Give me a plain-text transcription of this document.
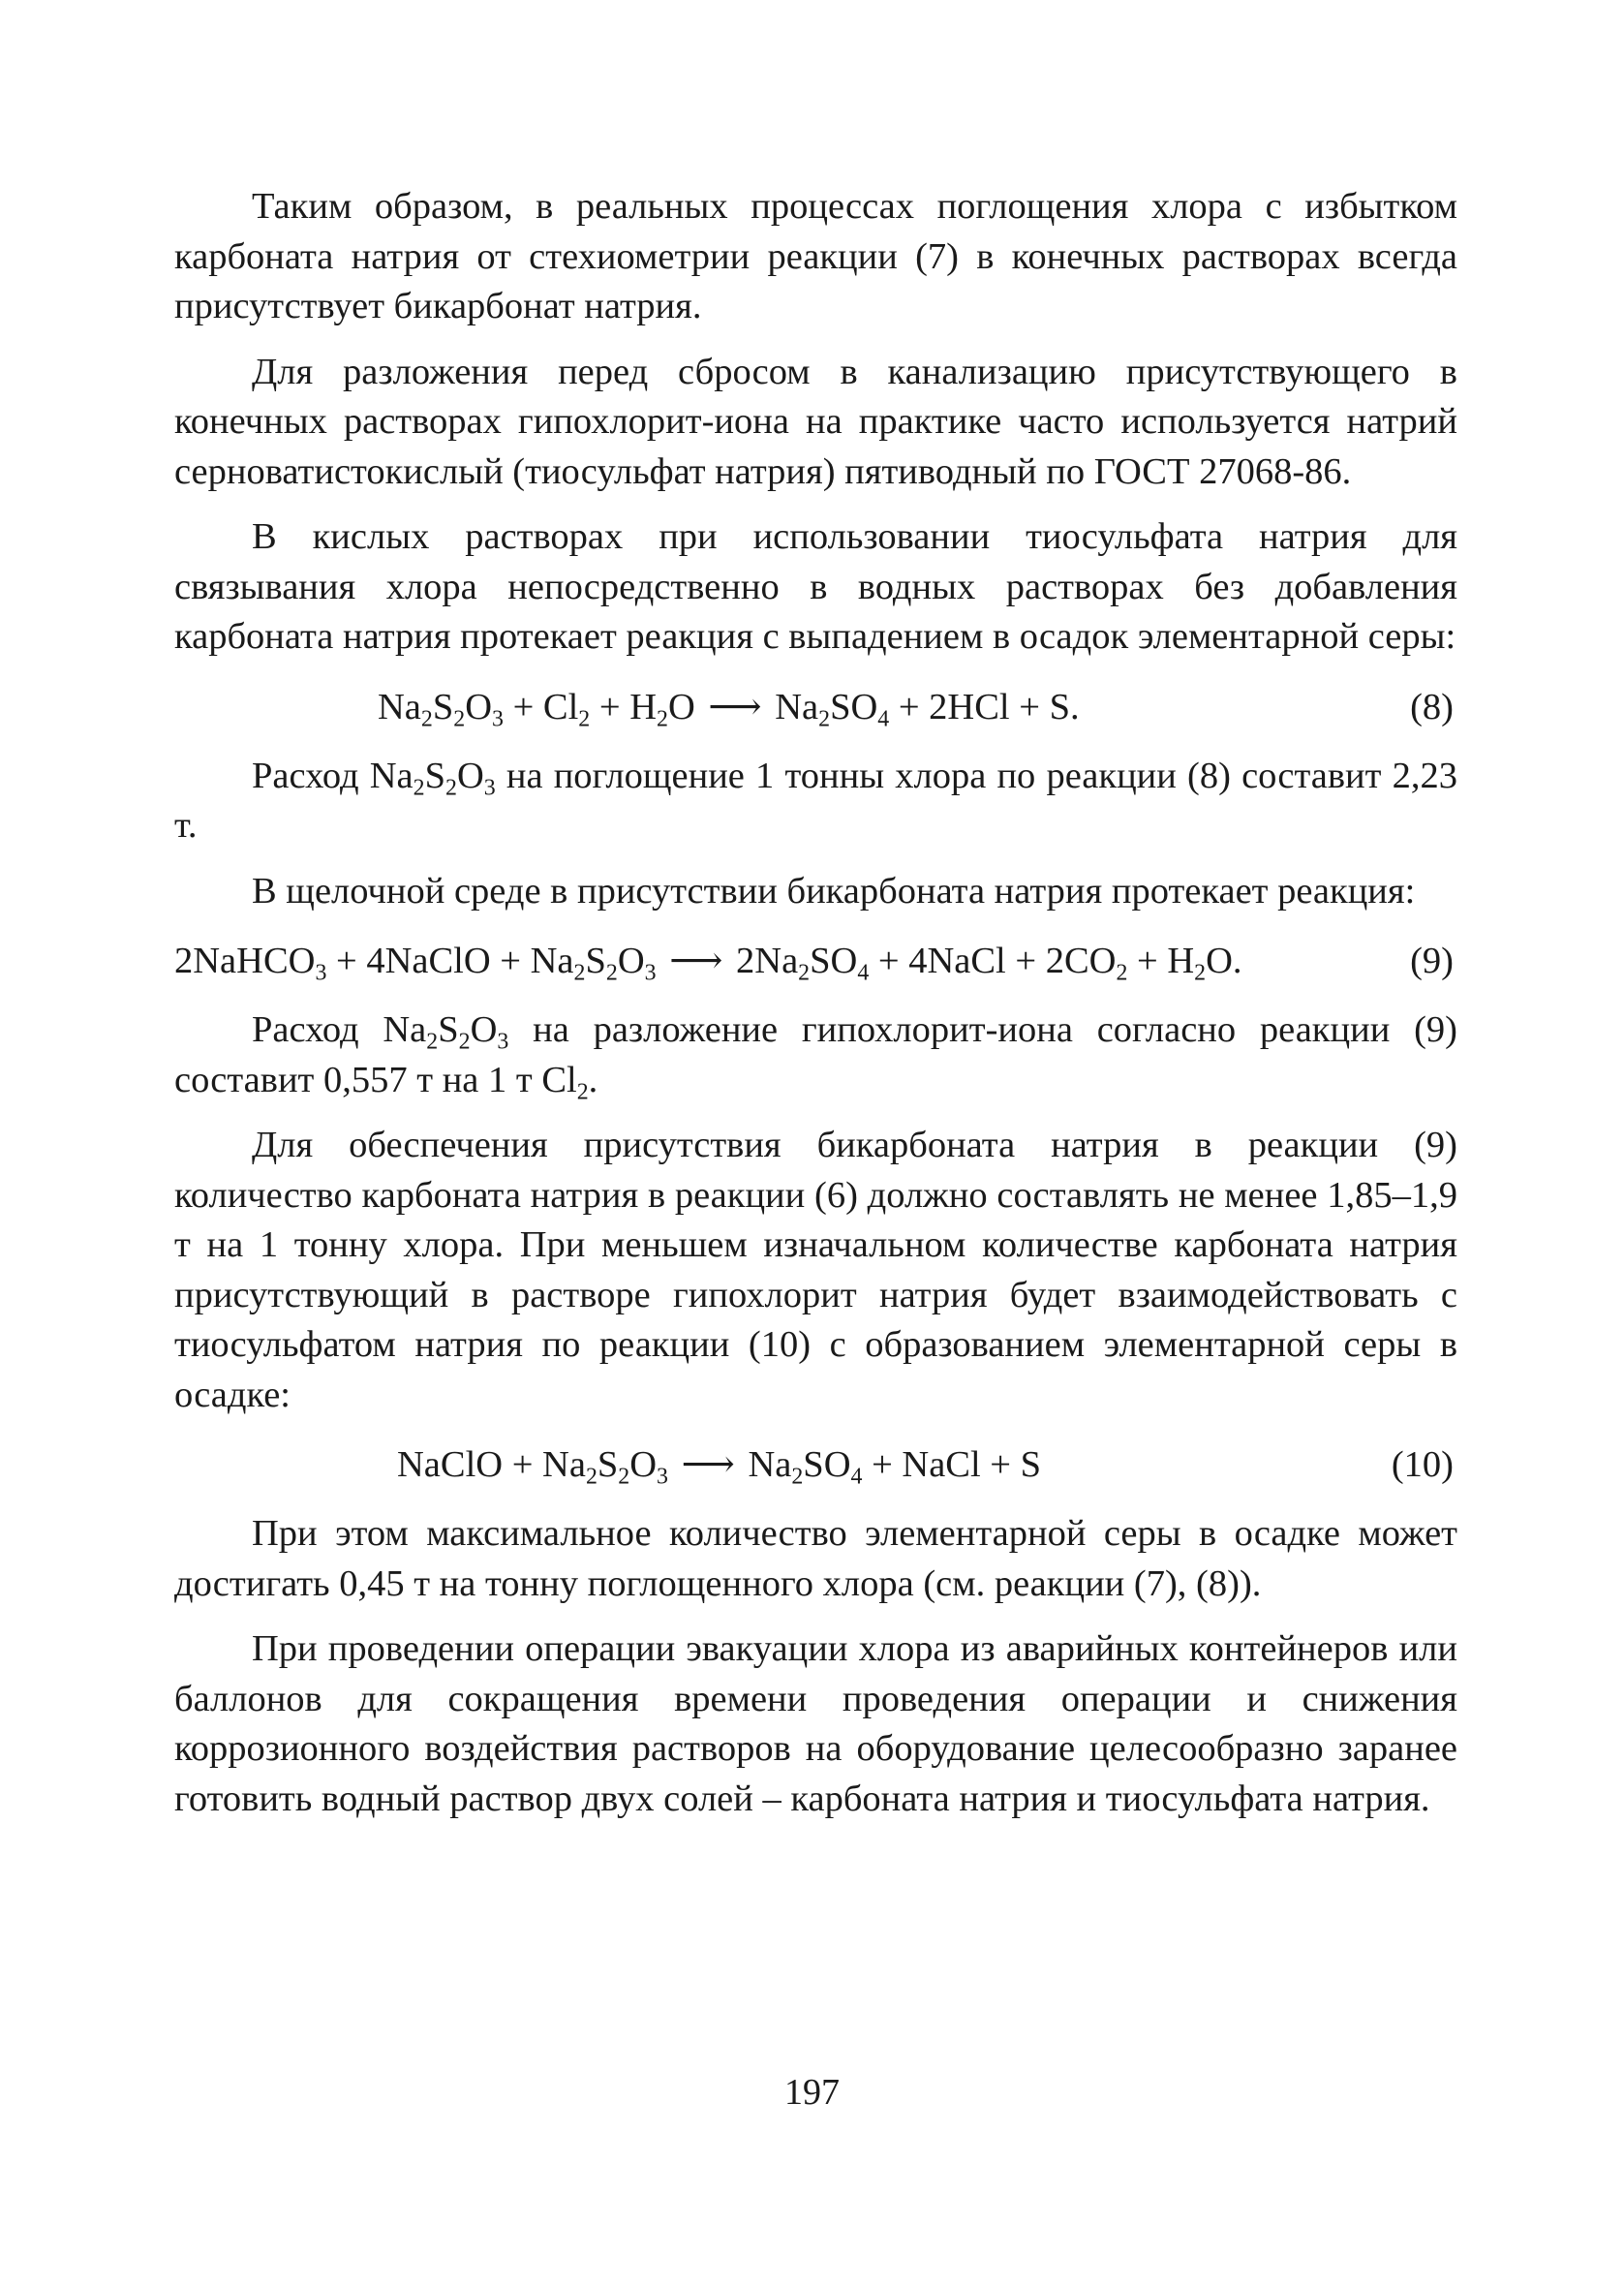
Таким образом, в реальных процессах поглощения хлора с избытком карбоната натрия от стехиометрии реакции (7) в конечных растворах всегда присутствует бикарбонат натрия.

Для разложения перед сбросом в канализацию присутствующего в конечных растворах гипохлорит-иона на практике часто используется натрий серноватистокислый (тиосульфат натрия) пятиводный по ГОСТ 27068-86.

В кислых растворах при использовании тиосульфата натрия для связывания хлора непосредственно в водных растворах без добавления карбоната натрия протекает реакция с выпадением в осадок элементарной серы:

$Na_2S_2O_3 + Cl_2 + H_2O$ ⟶ $Na_2SO_4 + 2HCl + S$.	(8)

Расход $Na_2S_2O_3$ на поглощение 1 тонны хлора по реакции (8) составит 2,23 т.

В щелочной среде в присутствии бикарбоната натрия протекает реакция:

2NaHCO$_3$ + 4NaClO + $Na_2S_2O_3$ ⟶ $2Na_2SO_4$ + 4NaCl + $2CO_2 + H_2O$.	(9)

Расход $Na_2S_2O_3$ на разложение гипохлорит-иона согласно реакции (9) составит 0,557 т на 1 т $Cl_2$.

Для обеспечения присутствия бикарбоната натрия в реакции (9) количество карбоната натрия в реакции (6) должно составлять не менее 1,85–1,9 т на 1 тонну хлора. При меньшем изначальном количестве карбоната натрия присутствующий в растворе гипохлорит натрия будет взаимодействовать с тиосульфатом натрия по реакции (10) с образованием элементарной серы в осадке:

NaClO + $Na_2S_2O_3$ ⟶ $Na_2SO_4$ + NaCl + S	(10)

При этом максимальное количество элементарной серы в осадке может достигать 0,45 т на тонну поглощенного хлора (см. реакции (7), (8)).

При проведении операции эвакуации хлора из аварийных контейнеров или баллонов для сокращения времени проведения операции и снижения коррозионного воздействия растворов на оборудование целесообразно заранее готовить водный раствор двух солей – карбоната натрия и тиосульфата натрия.

197
